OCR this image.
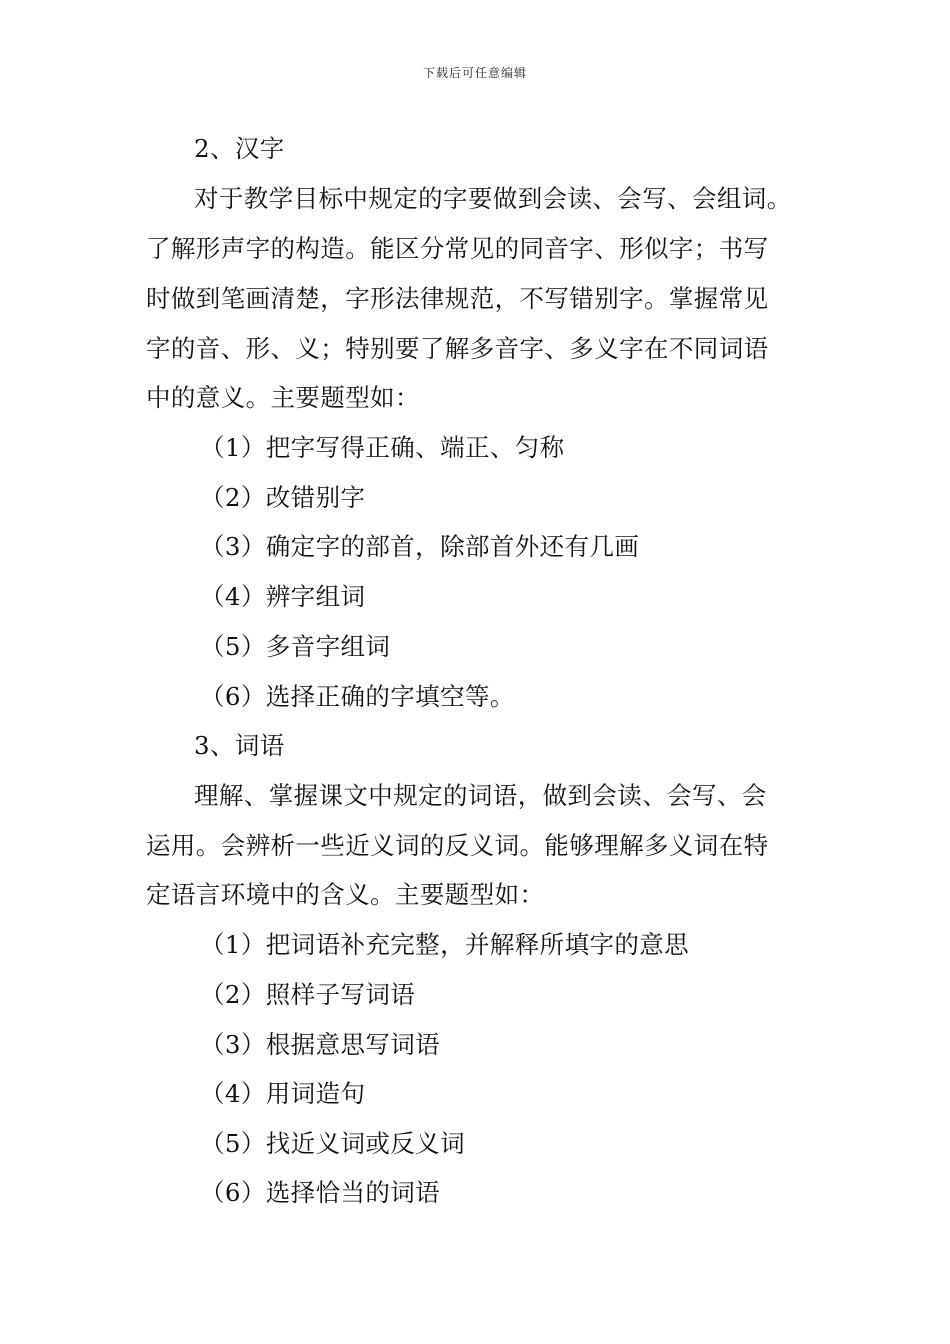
下载后可任意编辑
2、汉字
对于教学目标中规定的字要做到会读、会写、会组词。
了解形声字的构造。能区分常见的同音字、形似字；书写
时做到笔画清楚，字形法律规范，不写错别字。掌握常见
字的音、形、义；特别要了解多音字、多义字在不同词语
中的意义。主要题型如：
（1）把字写得正确、端正、匀称
（2）改错别字
（3）确定字的部首，除部首外还有几画
（4）辨字组词
（5）多音字组词
（6）选择正确的字填空等。
3、词语
理解、掌握课文中规定的词语，做到会读、会写、会
运用。会辨析一些近义词的反义词。能够理解多义词在特
定语言环境中的含义。主要题型如：
（1）把词语补充完整，并解释所填字的意思
（2）照样子写词语
（3）根据意思写词语
（4）用词造句
（5）找近义词或反义词
（6）选择恰当的词语
